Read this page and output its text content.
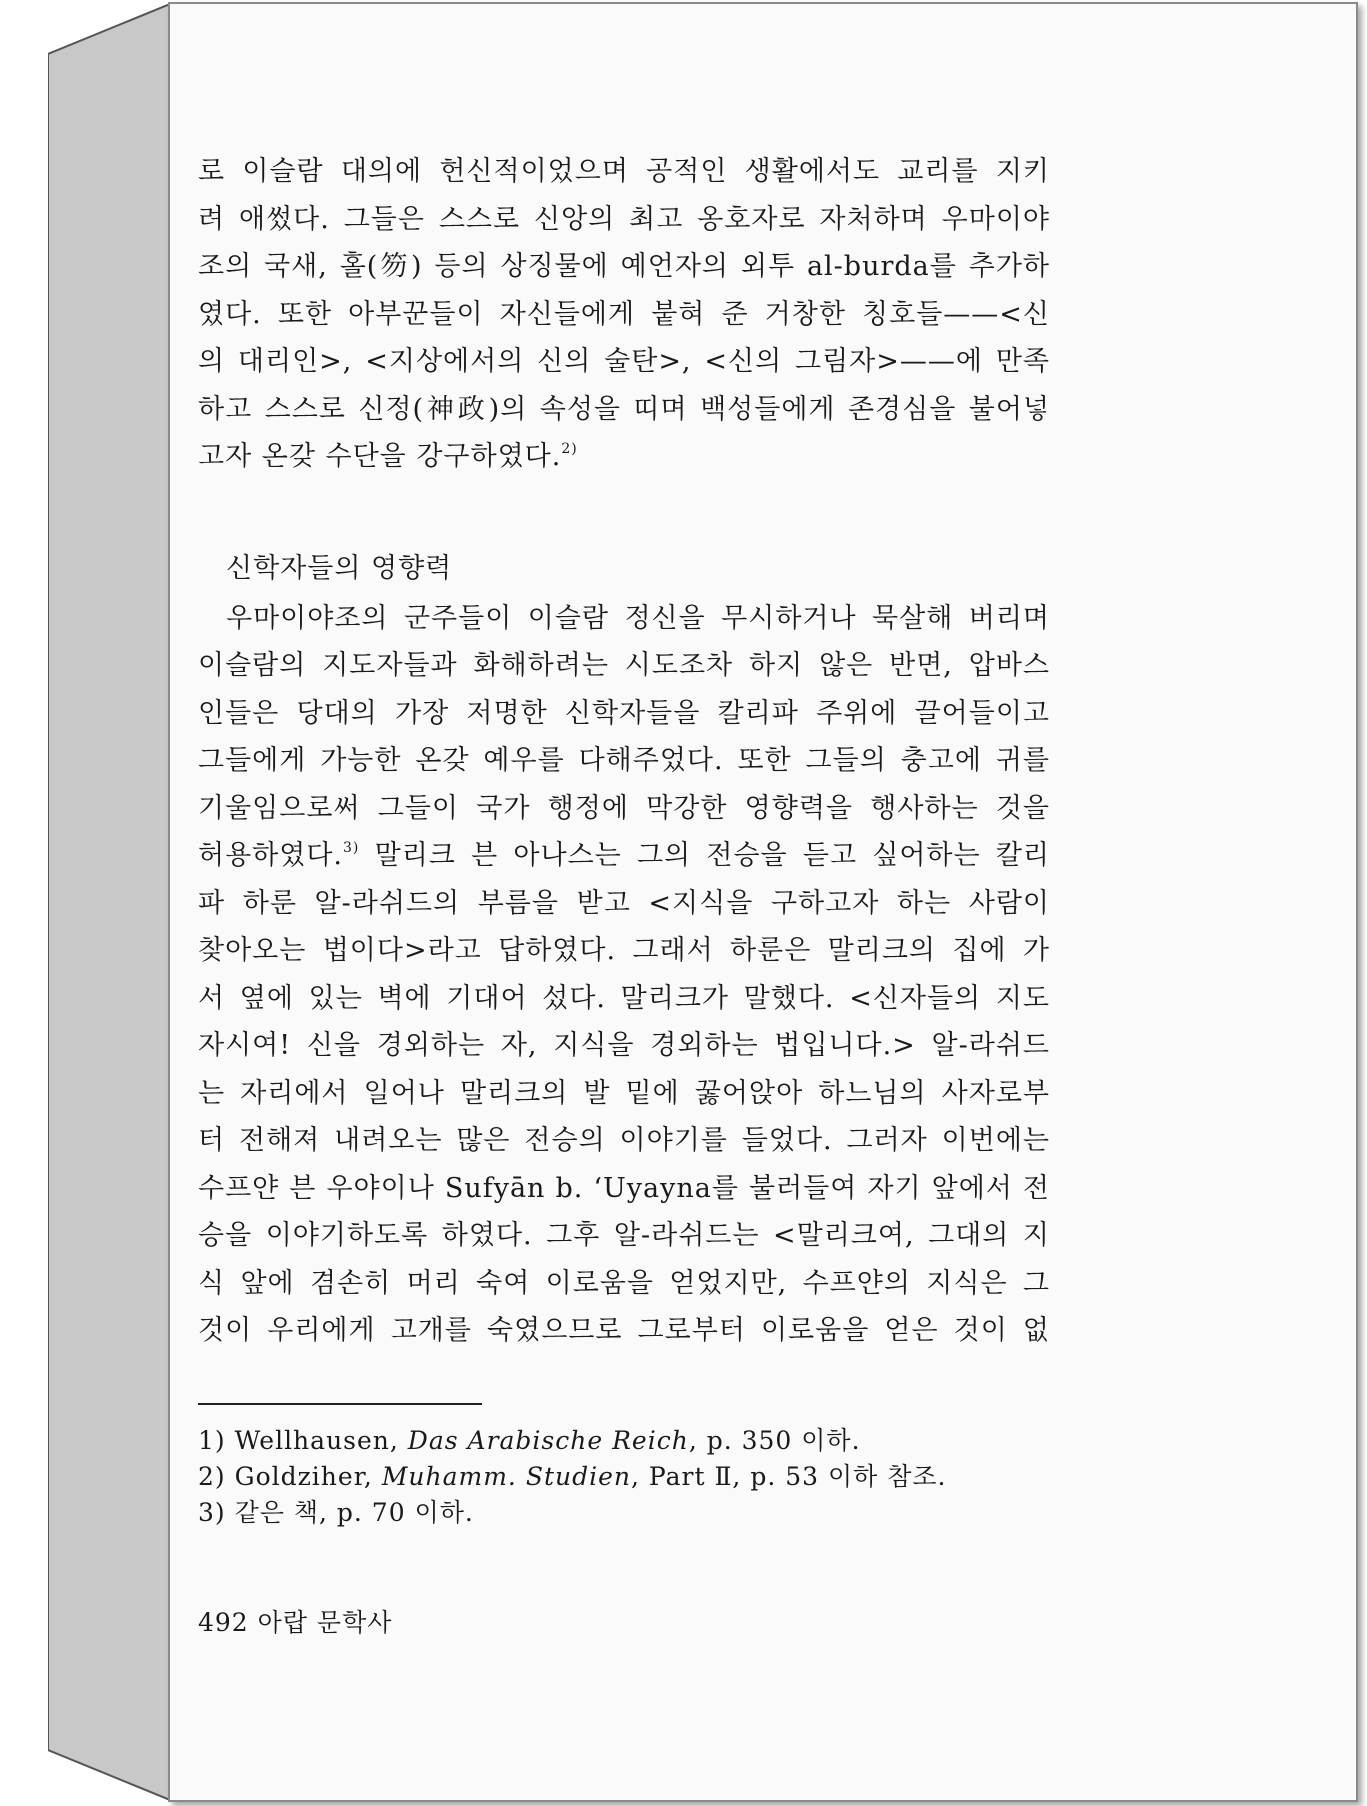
로 이슬람 대의에 헌신적이었으며 공적인 생활에서도 교리를 지키

려 애썼다. 그들은 스스로 신앙의 최고 옹호자로 자처하며 우마이야

조의 국새, 홀(笏) 등의 상징물에 예언자의 외투 al-burda를 추가하

였다. 또한 아부꾼들이 자신들에게 붙혀 준 거창한 칭호들——<신

의 대리인>, <지상에서의 신의 술탄>, <신의 그림자>——에 만족

하고 스스로 신정(神政)의 속성을 띠며 백성들에게 존경심을 불어넣

고자 온갖 수단을 강구하였다.$^{2)}$

신학자들의 영향력

우마이야조의 군주들이 이슬람 정신을 무시하거나 묵살해 버리며

이슬람의 지도자들과 화해하려는 시도조차 하지 않은 반면, 압바스

인들은 당대의 가장 저명한 신학자들을 칼리파 주위에 끌어들이고

그들에게 가능한 온갖 예우를 다해주었다. 또한 그들의 충고에 귀를

기울임으로써 그들이 국가 행정에 막강한 영향력을 행사하는 것을

허용하였다.$^{3)}$ 말리크 븐 아나스는 그의 전승을 듣고 싶어하는 칼리

파 하룬 알-라쉬드의 부름을 받고 <지식을 구하고자 하는 사람이

찾아오는 법이다>라고 답하였다. 그래서 하룬은 말리크의 집에 가

서 옆에 있는 벽에 기대어 섰다. 말리크가 말했다. <신자들의 지도

자시여! 신을 경외하는 자, 지식을 경외하는 법입니다.> 알-라쉬드

는 자리에서 일어나 말리크의 발 밑에 꿇어앉아 하느님의 사자로부

터 전해져 내려오는 많은 전승의 이야기를 들었다. 그러자 이번에는

수프얀 븐 우야이나 Sufyān b. ‘Uyayna를 불러들여 자기 앞에서 전

승을 이야기하도록 하였다. 그후 알-라쉬드는 <말리크여, 그대의 지

식 앞에 겸손히 머리 숙여 이로움을 얻었지만, 수프얀의 지식은 그

것이 우리에게 고개를 숙였으므로 그로부터 이로움을 얻은 것이 없

1) Wellhausen, Das Arabische Reich, p. 350 이하.
2) Goldziher, Muhamm. Studien, Part Ⅱ, p. 53 이하 참조.
3) 같은 책, p. 70 이하.
492 아랍 문학사
